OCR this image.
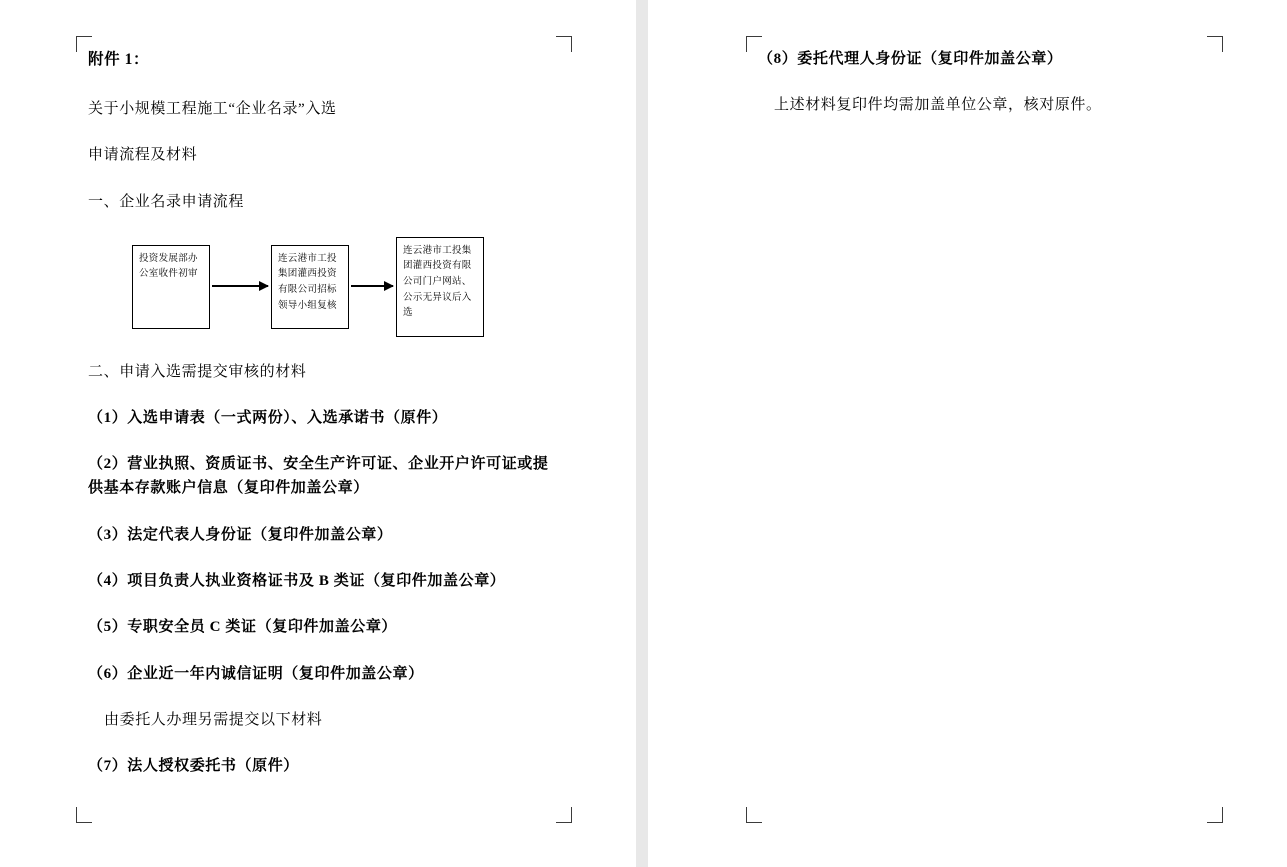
附件 1：

关于小规模工程施工“企业名录”入选

申请流程及材料

一、企业名录申请流程

投资发展部办公室收件初审
连云港市工投集团灌西投资有限公司招标领导小组复核
连云港市工投集团灌西投资有限公司门户网站、公示无异议后入选

二、申请入选需提交审核的材料

（1）入选申请表（一式两份）、入选承诺书（原件）

（2）营业执照、资质证书、安全生产许可证、企业开户许可证或提供基本存款账户信息（复印件加盖公章）

（3）法定代表人身份证（复印件加盖公章）

（4）项目负责人执业资格证书及 B 类证（复印件加盖公章）

（5）专职安全员 C 类证（复印件加盖公章）

（6）企业近一年内诚信证明（复印件加盖公章）

由委托人办理另需提交以下材料

（7）法人授权委托书（原件）

（8）委托代理人身份证（复印件加盖公章）

上述材料复印件均需加盖单位公章，核对原件。
